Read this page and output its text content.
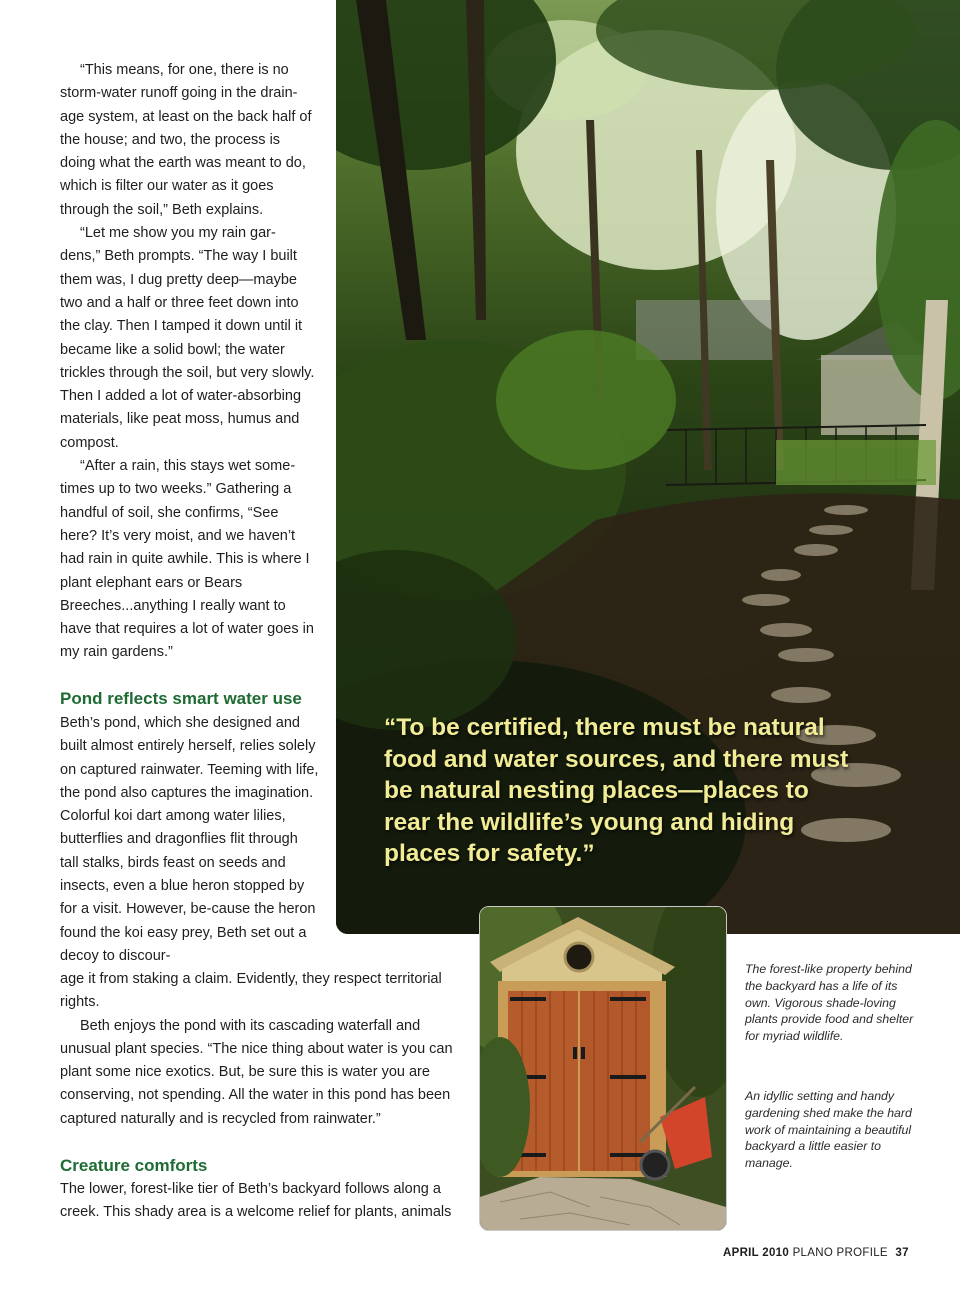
“This means, for one, there is no storm-water runoff going in the drain-age system, at least on the back half of the house; and two, the process is doing what the earth was meant to do, which is filter our water as it goes through the soil,” Beth explains.

“Let me show you my rain gar-dens,” Beth prompts. “The way I built them was, I dug pretty deep—maybe two and a half or three feet down into the clay. Then I tamped it down until it became like a solid bowl; the water trickles through the soil, but very slowly. Then I added a lot of water-absorbing materials, like peat moss, humus and compost.

“After a rain, this stays wet some-times up to two weeks.” Gathering a handful of soil, she confirms, “See here? It’s very moist, and we haven’t had rain in quite awhile. This is where I plant elephant ears or Bears Breeches...anything I really want to have that requires a lot of water goes in my rain gardens.”

Pond reflects smart water use

Beth’s pond, which she designed and built almost entirely herself, relies solely on captured rainwater. Teeming with life, the pond also captures the imagination. Colorful koi dart among water lilies, butterflies and dragonflies flit through tall stalks, birds feast on seeds and insects, even a blue heron stopped by for a visit. However, be-cause the heron found the koi easy prey, Beth set out a decoy to discour-

age it from staking a claim. Evidently, they respect territorial rights.

Beth enjoys the pond with its cascading waterfall and unusual plant species. “The nice thing about water is you can plant some nice exotics. But, be sure this is water you are conserving, not spending. All the water in this pond has been captured naturally and is recycled from rainwater.”

Creature comforts

The lower, forest-like tier of Beth’s backyard follows along a creek. This shady area is a welcome relief for plants, animals

“To be certified, there must be natural food and water sources, and there must be natural nesting places—places to rear the wildlife’s young and hiding places for safety.”

The forest-like property behind the backyard has a life of its own. Vigorous shade-loving plants provide food and shelter for myriad wildlife.

An idyllic setting and handy gardening shed make the hard work of maintaining a beautiful backyard a little easier to manage.

APRIL 2010 PLANO PROFILE 37
